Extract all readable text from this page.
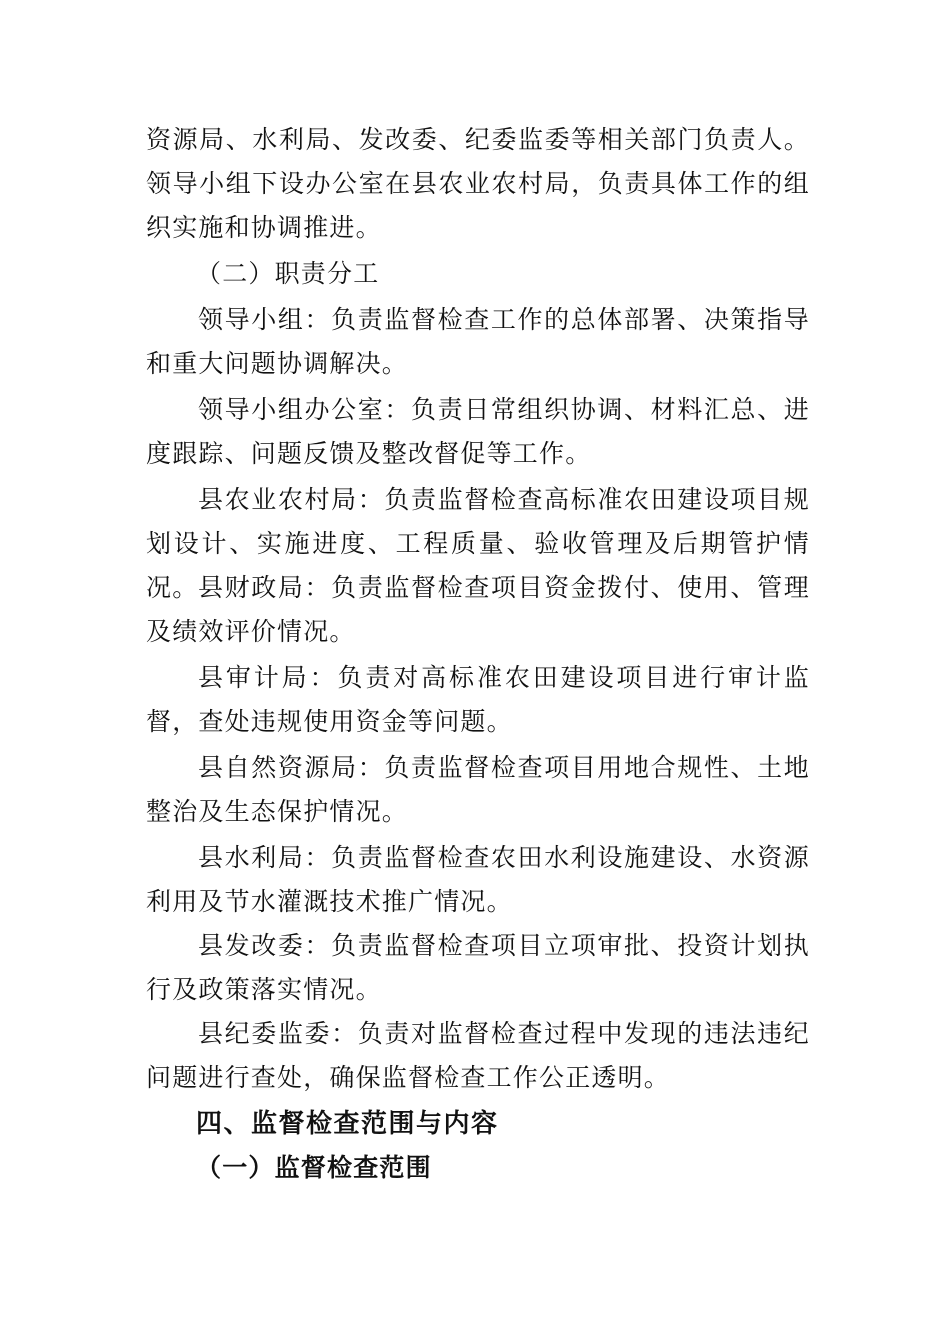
资源局、水利局、发改委、纪委监委等相关部门负责人。领导小组下设办公室在县农业农村局，负责具体工作的组织实施和协调推进。

（二）职责分工

领导小组：负责监督检查工作的总体部署、决策指导和重大问题协调解决。

领导小组办公室：负责日常组织协调、材料汇总、进度跟踪、问题反馈及整改督促等工作。

县农业农村局：负责监督检查高标准农田建设项目规划设计、实施进度、工程质量、验收管理及后期管护情况。 县财政局：负责监督检查项目资金拨付、使用、管理及绩效评价情况。

县审计局：负责对高标准农田建设项目进行审计监督，查处违规使用资金等问题。

县自然资源局：负责监督检查项目用地合规性、土地整治及生态保护情况。

县水利局：负责监督检查农田水利设施建设、水资源利用及节水灌溉技术推广情况。

县发改委：负责监督检查项目立项审批、投资计划执行及政策落实情况。

县纪委监委：负责对监督检查过程中发现的违法违纪问题进行查处，确保监督检查工作公正透明。

四、监督检查范围与内容

（一）监督检查范围
